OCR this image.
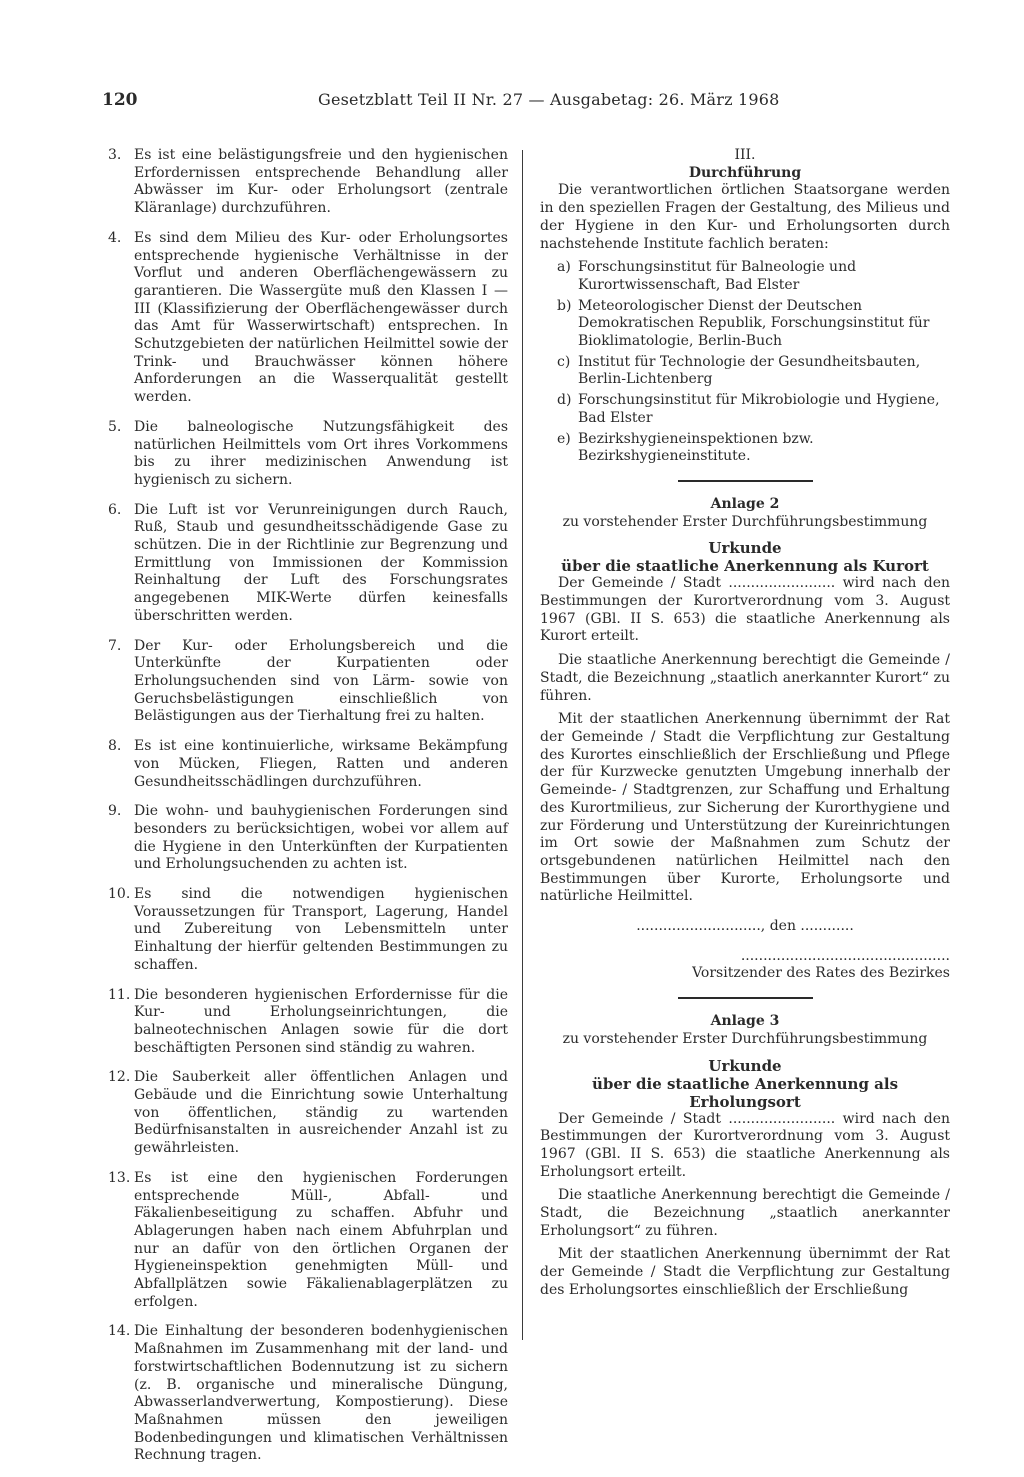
120	Gesetzblatt Teil II Nr. 27 — Ausgabetag: 26. März 1968
3. Es ist eine belästigungsfreie und den hygienischen Erfordernissen entsprechende Behandlung aller Abwässer im Kur- oder Erholungsort (zentrale Kläranlage) durchzuführen.
4. Es sind dem Milieu des Kur- oder Erholungsortes entsprechende hygienische Verhältnisse in der Vorflut und anderen Oberflächengewässern zu garantieren. Die Wassergüte muß den Klassen I — III (Klassifizierung der Oberflächengewässer durch das Amt für Wasserwirtschaft) entsprechen. In Schutzgebieten der natürlichen Heilmittel sowie der Trink- und Brauchwässer können höhere Anforderungen an die Wasserqualität gestellt werden.
5. Die balneologische Nutzungsfähigkeit des natürlichen Heilmittels vom Ort ihres Vorkommens bis zu ihrer medizinischen Anwendung ist hygienisch zu sichern.
6. Die Luft ist vor Verunreinigungen durch Rauch, Ruß, Staub und gesundheitsschädigende Gase zu schützen. Die in der Richtlinie zur Begrenzung und Ermittlung von Immissionen der Kommission Reinhaltung der Luft des Forschungsrates angegebenen MIK-Werte dürfen keinesfalls überschritten werden.
7. Der Kur- oder Erholungsbereich und die Unterkünfte der Kurpatienten oder Erholungsuchenden sind von Lärm- sowie von Geruchsbelästigungen einschließlich von Belästigungen aus der Tierhaltung frei zu halten.
8. Es ist eine kontinuierliche, wirksame Bekämpfung von Mücken, Fliegen, Ratten und anderen Gesundheitsschädlingen durchzuführen.
9. Die wohn- und bauhygienischen Forderungen sind besonders zu berücksichtigen, wobei vor allem auf die Hygiene in den Unterkünften der Kurpatienten und Erholungsuchenden zu achten ist.
10. Es sind die notwendigen hygienischen Voraussetzungen für Transport, Lagerung, Handel und Zubereitung von Lebensmitteln unter Einhaltung der hierfür geltenden Bestimmungen zu schaffen.
11. Die besonderen hygienischen Erfordernisse für die Kur- und Erholungseinrichtungen, die balneotechnischen Anlagen sowie für die dort beschäftigten Personen sind ständig zu wahren.
12. Die Sauberkeit aller öffentlichen Anlagen und Gebäude und die Einrichtung sowie Unterhaltung von öffentlichen, ständig zu wartenden Bedürfnisanstalten in ausreichender Anzahl ist zu gewährleisten.
13. Es ist eine den hygienischen Forderungen entsprechende Müll-, Abfall- und Fäkalienbeseitigung zu schaffen. Abfuhr und Ablagerungen haben nach einem Abfuhrplan und nur an dafür von den örtlichen Organen der Hygieneinspektion genehmigten Müll- und Abfallplätzen sowie Fäkalienablagerplätzen zu erfolgen.
14. Die Einhaltung der besonderen bodenhygienischen Maßnahmen im Zusammenhang mit der land- und forstwirtschaftlichen Bodennutzung ist zu sichern (z. B. organische und mineralische Düngung, Abwasserlandverwertung, Kompostierung). Diese Maßnahmen müssen den jeweiligen Bodenbedingungen und klimatischen Verhältnissen Rechnung tragen.
III.
Durchführung

Die verantwortlichen örtlichen Staatsorgane werden in den speziellen Fragen der Gestaltung, des Milieus und der Hygiene in den Kur- und Erholungsorten durch nachstehende Institute fachlich beraten:

a) Forschungsinstitut für Balneologie und Kurortwissenschaft, Bad Elster
b) Meteorologischer Dienst der Deutschen Demokratischen Republik, Forschungsinstitut für Bioklimatologie, Berlin-Buch
c) Institut für Technologie der Gesundheitsbauten, Berlin-Lichtenberg
d) Forschungsinstitut für Mikrobiologie und Hygiene, Bad Elster
e) Bezirkshygieneinspektionen bzw. Bezirkshygieneinstitute.
Anlage 2
zu vorstehender Erster Durchführungsbestimmung
Urkunde
über die staatliche Anerkennung als Kurort

Der Gemeinde / Stadt ........................ wird nach den Bestimmungen der Kurortverordnung vom 3. August 1967 (GBl. II S. 653) die staatliche Anerkennung als Kurort erteilt.

Die staatliche Anerkennung berechtigt die Gemeinde / Stadt, die Bezeichnung „staatlich anerkannter Kurort“ zu führen.

Mit der staatlichen Anerkennung übernimmt der Rat der Gemeinde / Stadt die Verpflichtung zur Gestaltung des Kurortes einschließlich der Erschließung und Pflege der für Kurzwecke genutzten Umgebung innerhalb der Gemeinde- / Stadtgrenzen, zur Schaffung und Erhaltung des Kurortmilieus, zur Sicherung der Kurorthygiene und zur Förderung und Unterstützung der Kureinrichtungen im Ort sowie der Maßnahmen zum Schutz der ortsgebundenen natürlichen Heilmittel nach den Bestimmungen über Kurorte, Erholungsorte und natürliche Heilmittel.

............................, den ............
...............................................
Vorsitzender des Rates des Bezirkes
Anlage 3
zu vorstehender Erster Durchführungsbestimmung
Urkunde
über die staatliche Anerkennung als Erholungsort

Der Gemeinde / Stadt ........................ wird nach den Bestimmungen der Kurortverordnung vom 3. August 1967 (GBl. II S. 653) die staatliche Anerkennung als Erholungsort erteilt.

Die staatliche Anerkennung berechtigt die Gemeinde / Stadt, die Bezeichnung „staatlich anerkannter Erholungsort“ zu führen.

Mit der staatlichen Anerkennung übernimmt der Rat der Gemeinde / Stadt die Verpflichtung zur Gestaltung des Erholungsortes einschließlich der Erschließung
